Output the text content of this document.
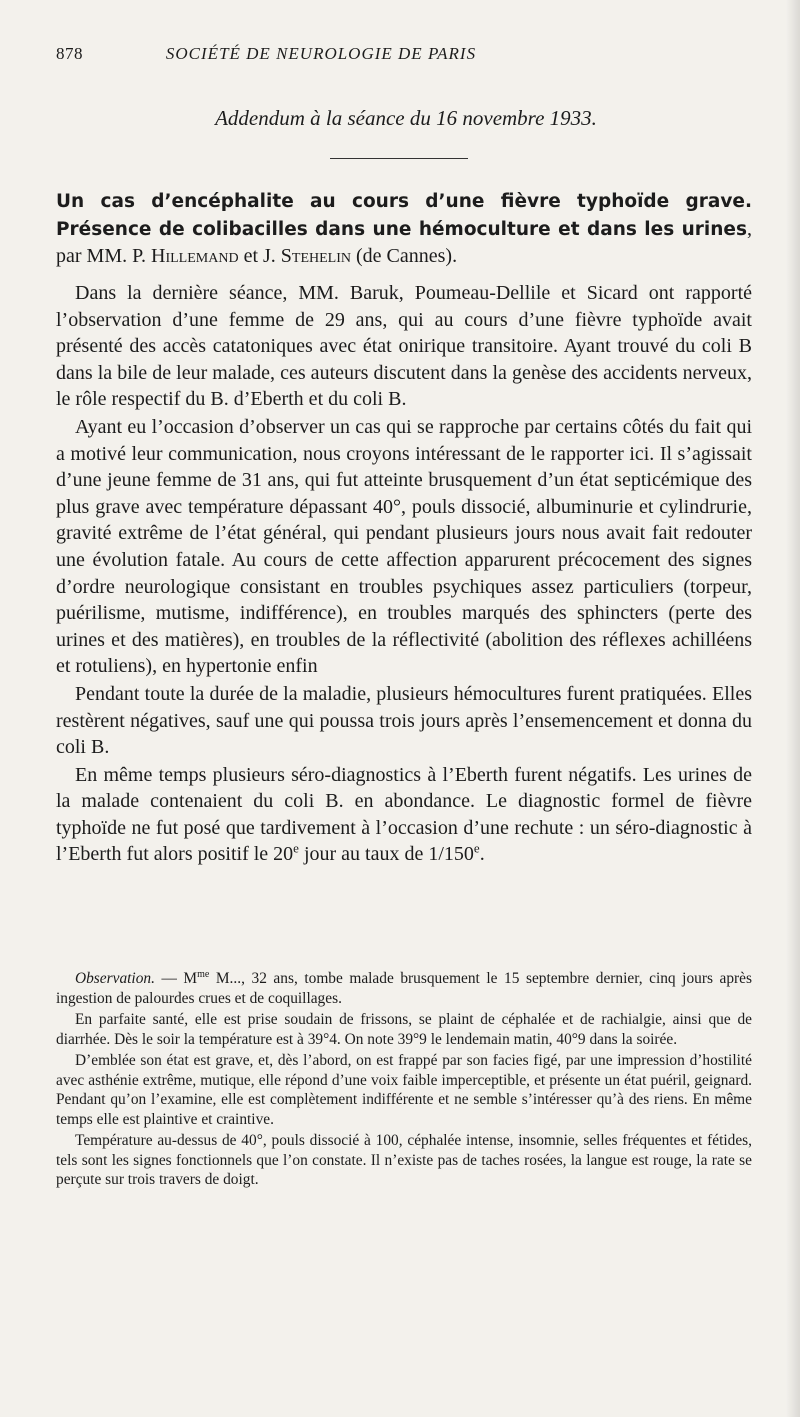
878	SOCIÉTÉ DE NEUROLOGIE DE PARIS
Addendum à la séance du 16 novembre 1933.
Un cas d’encéphalite au cours d’une fièvre typhoïde grave. Présence de colibacilles dans une hémoculture et dans les urines, par MM. P. Hillemand et J. Stehelin (de Cannes).

Dans la dernière séance, MM. Baruk, Poumeau-Dellile et Sicard ont rapporté l’observation d’une femme de 29 ans, qui au cours d’une fièvre typhoïde avait présenté des accès catatoniques avec état onirique transitoire. Ayant trouvé du coli B dans la bile de leur malade, ces auteurs discutent dans la genèse des accidents nerveux, le rôle respectif du B. d’Eberth et du coli B.

Ayant eu l’occasion d’observer un cas qui se rapproche par certains côtés du fait qui a motivé leur communication, nous croyons intéressant de le rapporter ici. Il s’agissait d’une jeune femme de 31 ans, qui fut atteinte brusquement d’un état septicémique des plus grave avec température dépassant 40°, pouls dissocié, albuminurie et cylindrurie, gravité extrême de l’état général, qui pendant plusieurs jours nous avait fait redouter une évolution fatale. Au cours de cette affection apparurent précocement des signes d’ordre neurologique consistant en troubles psychiques assez particuliers (torpeur, puérilisme, mutisme, indifférence), en troubles marqués des sphincters (perte des urines et des matières), en troubles de la réflectivité (abolition des réflexes achilléens et rotuliens), en hypertonie enfin

Pendant toute la durée de la maladie, plusieurs hémocultures furent pratiquées. Elles restèrent négatives, sauf une qui poussa trois jours après l’ensemencement et donna du coli B.

En même temps plusieurs séro-diagnostics à l’Eberth furent négatifs. Les urines de la malade contenaient du coli B. en abondance. Le diagnostic formel de fièvre typhoïde ne fut posé que tardivement à l’occasion d’une rechute : un séro-diagnostic à l’Eberth fut alors positif le 20e jour au taux de 1/150e.

Observation. — $M^{me}$ M..., 32 ans, tombe malade brusquement le 15 septembre dernier, cinq jours après ingestion de palourdes crues et de coquillages.

En parfaite santé, elle est prise soudain de frissons, se plaint de céphalée et de rachialgie, ainsi que de diarrhée. Dès le soir la température est à 39°4. On note 39°9 le lendemain matin, 40°9 dans la soirée.

D’emblée son état est grave, et, dès l’abord, on est frappé par son facies figé, par une impression d’hostilité avec asthénie extrême, mutique, elle répond d’une voix faible imperceptible, et présente un état puéril, geignard. Pendant qu’on l’examine, elle est complètement indifférente et ne semble s’intéresser qu’à des riens. En même temps elle est plaintive et craintive.

Température au-dessus de 40°, pouls dissocié à 100, céphalée intense, insomnie, selles fréquentes et fétides, tels sont les signes fonctionnels que l’on constate. Il n’existe pas de taches rosées, la langue est rouge, la rate se perçute sur trois travers de doigt.
